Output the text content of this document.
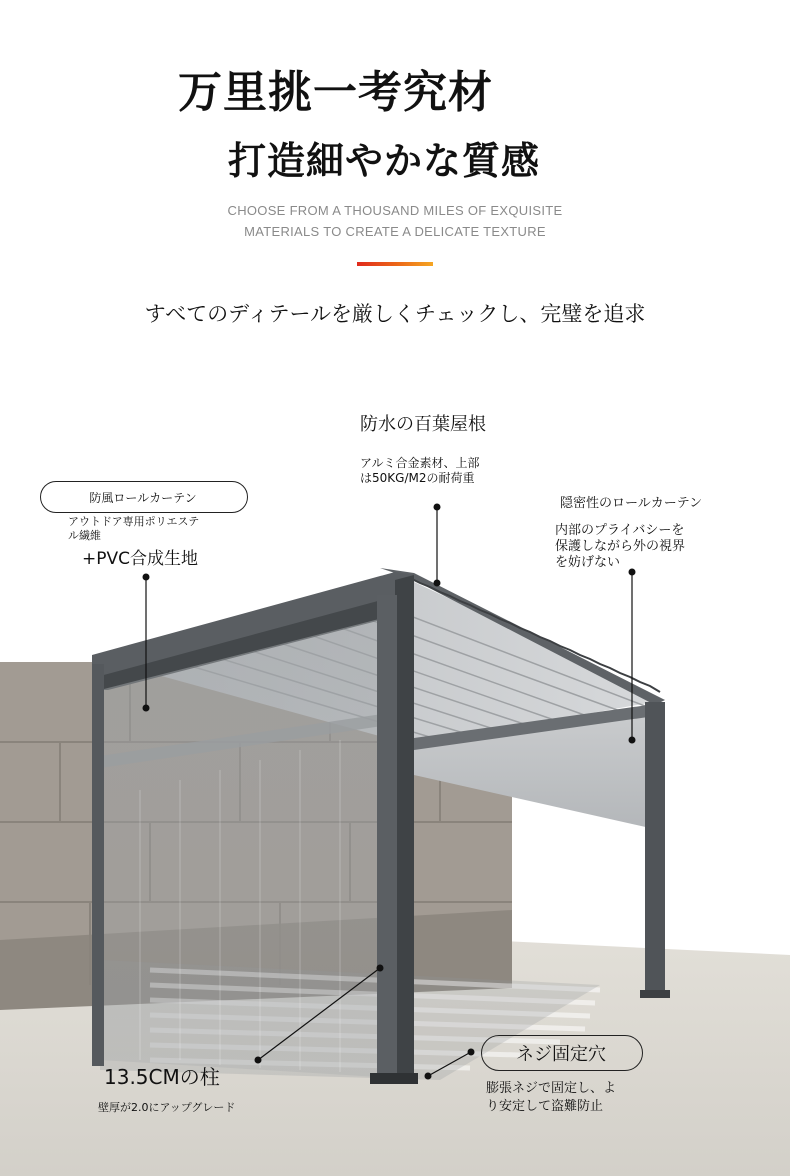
万里挑一考究材
打造細やかな質感
CHOOSE FROM A THOUSAND MILES OF EXQUISITE
MATERIALS TO CREATE A DELICATE TEXTURE
すべてのディテールを厳しくチェックし、完璧を追求
防水の百葉屋根
アルミ合金素材、上部
は50KG/M2の耐荷重
防風ロールカーテン
アウトドア専用ポリエステ
ル繊維
+PVC合成生地
隠密性のロールカーテン
内部のプライバシーを
保護しながら外の視界
を妨げない
13.5CMの柱
壁厚が2.0にアップグレード
ネジ固定穴
膨張ネジで固定し、よ
り安定して盗難防止
